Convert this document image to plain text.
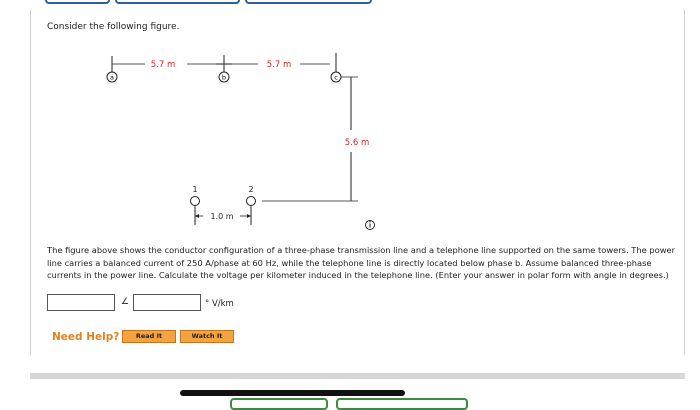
Consider the following figure.
a
5.7 m
b
5.7 m
c
5.6 m
1	2
1.0 m
The figure above shows the conductor configuration of a three-phase transmission line and a telephone line supported on the same towers. The power line carries a balanced current of 250 A/phase at 60 Hz, while the telephone line is directly located below phase b. Assume balanced three-phase currents in the power line. Calculate the voltage per kilometer induced in the telephone line. (Enter your answer in polar form with angle in degrees.)
∠	° V/km
Need Help?	Read It	Watch It
